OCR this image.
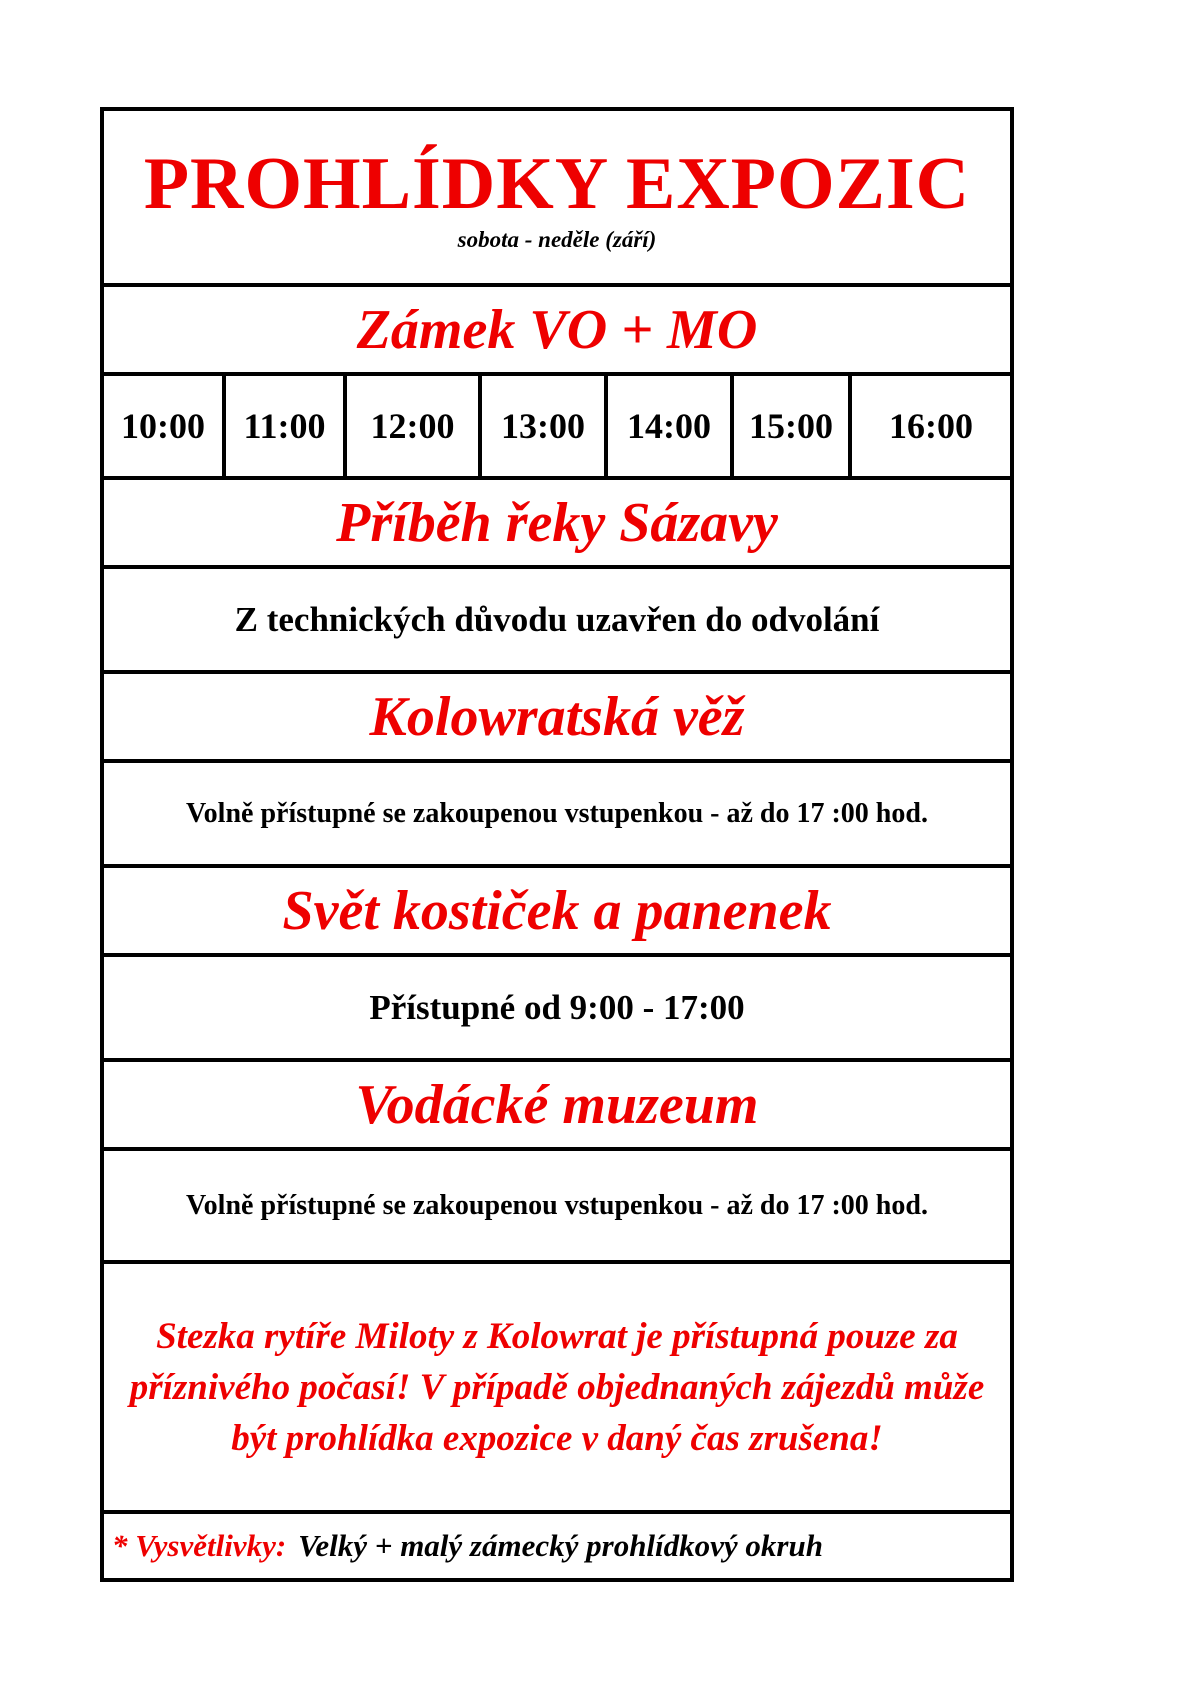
PROHLÍDKY EXPOZIC
sobota - neděle (září)
Zámek VO + MO
10:00	11:00	12:00	13:00	14:00	15:00	16:00
Příběh řeky Sázavy
Z technických důvodu uzavřen do odvolání
Kolowratská věž
Volně přístupné se zakoupenou vstupenkou - až do 17 :00 hod.
Svět kostiček a panenek
Přístupné od 9:00 - 17:00
Vodácké muzeum
Volně přístupné se zakoupenou vstupenkou - až do 17 :00 hod.
Stezka rytíře Miloty z Kolowrat je přístupná pouze za příznivého počasí! V případě objednaných zájezdů může být prohlídka expozice v daný čas zrušena!
* Vysvětlivky: Velký + malý zámecký prohlídkový okruh
